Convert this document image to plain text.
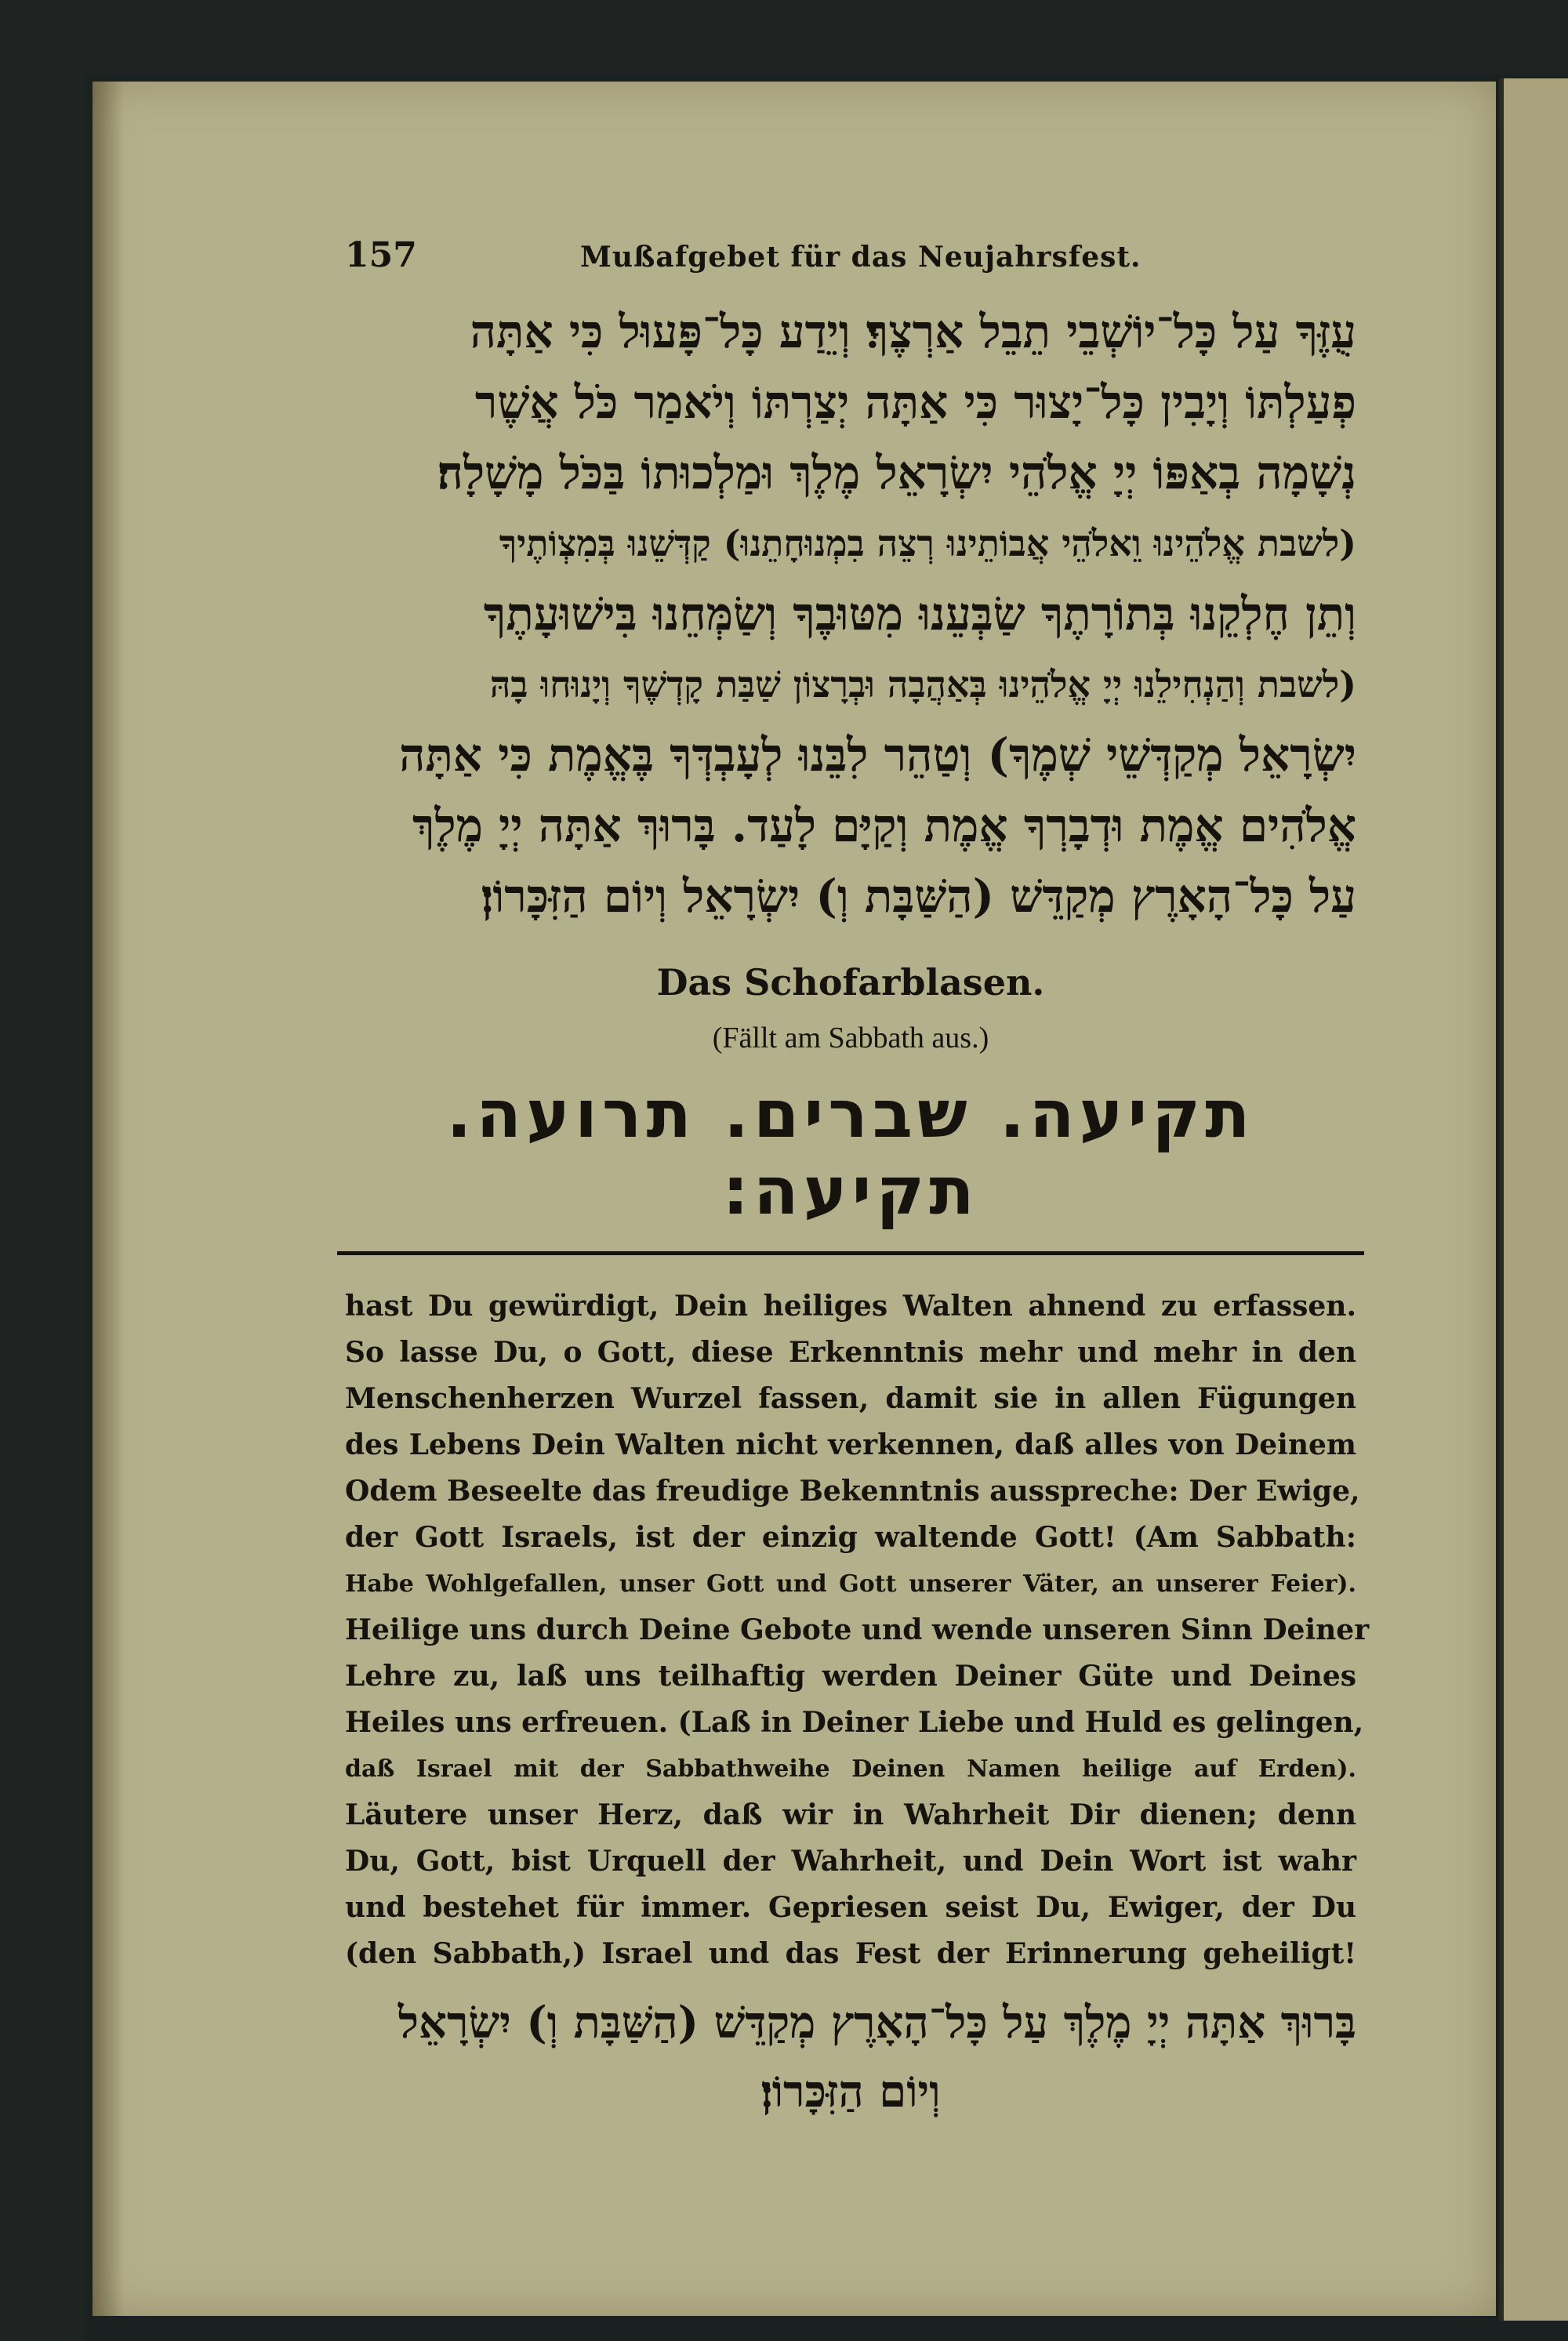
157	Mußafgebet für das Neujahrsfest.
עֻזֶּךָ עַל כָּל־יוֹשְׁבֵי תֵבֵל אַרְצֶךָ׃ וְיֵדַע כָּל־פָּעוּל כִּי אַתָּה
פְעַלְתּוֹ וְיָבִין כָּל־יָצוּר כִּי אַתָּה יְצַרְתּוֹ וְיֹאמַר כֹּל אֲשֶׁר
נְשָׁמָה בְאַפּוֹ יְיָ אֱלֹהֵי יִשְׂרָאֵל מֶלֶךְ וּמַלְכוּתוֹ בַּכֹּל מָשָׁלָה׃
(לשבת אֱלֹהֵינוּ וֵאלֹהֵי אֲבוֹתֵינוּ רְצֵה בִמְנוּחָתֵנוּ) קַדְּשֵׁנוּ בְּמִצְוֹתֶיךָ
וְתֵן חֶלְקֵנוּ בְּתוֹרָתֶךָ שַׂבְּעֵנוּ מִטּוּבֶךָ וְשַׂמְּחֵנוּ בִּישׁוּעָתֶךָ
(לשבת וְהַנְחִילֵנוּ יְיָ אֱלֹהֵינוּ בְּאַהֲבָה וּבְרָצוֹן שַׁבַּת קָדְשֶׁךָ וְיָנוּחוּ בָהּ
יִשְׂרָאֵל מְקַדְּשֵׁי שְׁמֶךָ) וְטַהֵר לִבֵּנוּ לְעָבְדְּךָ בֶּאֱמֶת כִּי אַתָּה
אֱלֹהִים אֱמֶת וּדְבָרְךָ אֱמֶת וְקַיָּם לָעַד. בָּרוּךְ אַתָּה יְיָ מֶלֶךְ
עַל כָּל־הָאָרֶץ מְקַדֵּשׁ (הַשַּׁבָּת וְ) יִשְׂרָאֵל וְיוֹם הַזִּכָּרוֹן׃
Das Schofarblasen.
(Fällt am Sabbath aus.)
תקיעה. שברים. תרועה. תקיעה:
hast Du gewürdigt, Dein heiliges Walten ahnend zu erfassen.
So lasse Du, o Gott, diese Erkenntnis mehr und mehr in den
Menschenherzen Wurzel fassen, damit sie in allen Fügungen
des Lebens Dein Walten nicht verkennen, daß alles von Deinem
Odem Beseelte das freudige Bekenntnis ausspreche: Der Ewige,
der Gott Israels, ist der einzig waltende Gott! (Am Sabbath:
Habe Wohlgefallen, unser Gott und Gott unserer Väter, an unserer Feier).
Heilige uns durch Deine Gebote und wende unseren Sinn Deiner
Lehre zu, laß uns teilhaftig werden Deiner Güte und Deines
Heiles uns erfreuen. (Laß in Deiner Liebe und Huld es gelingen,
daß Israel mit der Sabbathweihe Deinen Namen heilige auf Erden).
Läutere unser Herz, daß wir in Wahrheit Dir dienen; denn
Du, Gott, bist Urquell der Wahrheit, und Dein Wort ist wahr
und bestehet für immer. Gepriesen seist Du, Ewiger, der Du
(den Sabbath,) Israel und das Fest der Erinnerung geheiligt!
בָּרוּךְ אַתָּה יְיָ מֶלֶךְ עַל כָּל־הָאָרֶץ מְקַדֵּשׁ (הַשַּׁבָּת וְ) יִשְׂרָאֵל
וְיוֹם הַזִּכָּרוֹן׃
